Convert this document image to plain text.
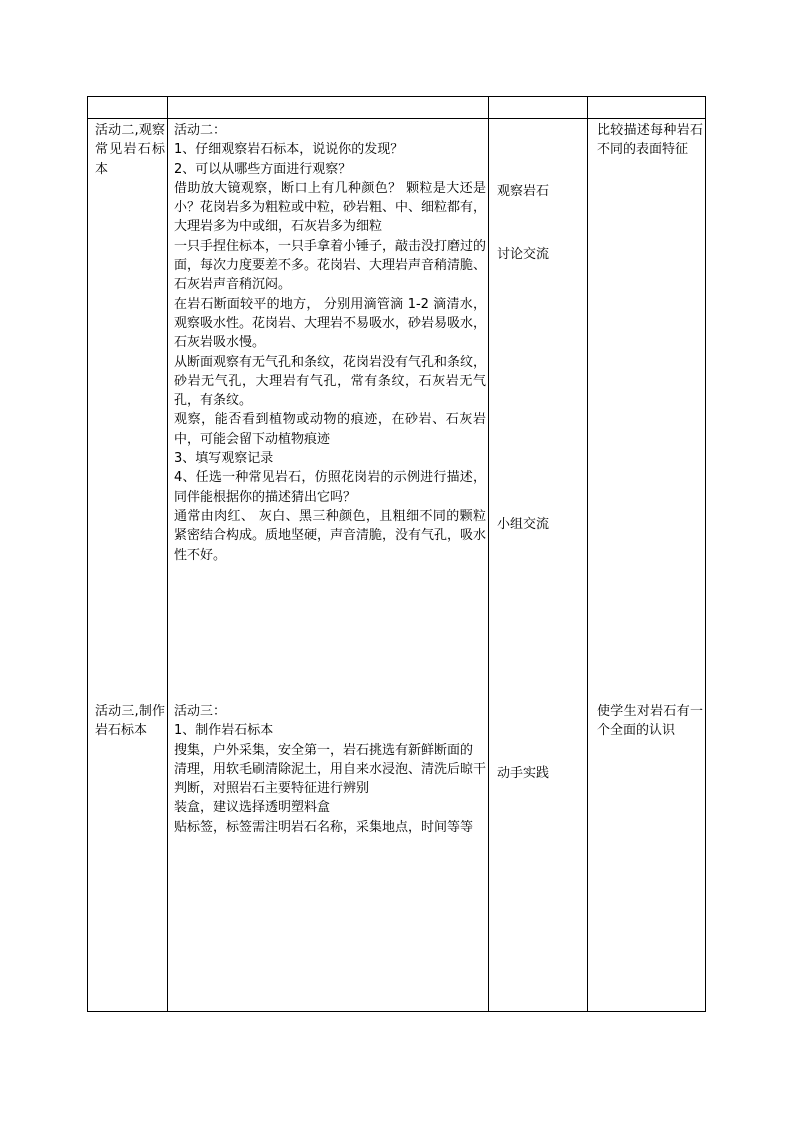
活动二,观察常见岩石标本

活动二：

1、仔细观察岩石标本，说说你的发现？

2、可以从哪些方面进行观察？

借助放大镜观察，断口上有几种颜色？ 颗粒是大还是小？花岗岩多为粗粒或中粒，砂岩粗、中、细粒都有，大理岩多为中或细，石灰岩多为细粒

一只手捏住标本，一只手拿着小锤子，敲击没打磨过的面，每次力度要差不多。花岗岩、大理岩声音稍清脆、石灰岩声音稍沉闷。

在岩石断面较平的地方， 分别用滴管滴 1-2 滴清水，观察吸水性。花岗岩、大理岩不易吸水，砂岩易吸水，石灰岩吸水慢。

从断面观察有无气孔和条纹，花岗岩没有气孔和条纹，砂岩无气孔，大理岩有气孔，常有条纹，石灰岩无气孔，有条纹。

观察，能否看到植物或动物的痕迹，在砂岩、石灰岩中，可能会留下动植物痕迹

3、填写观察记录

4、任选一种常见岩石，仿照花岗岩的示例进行描述，同伴能根据你的描述猜出它吗？

通常由肉红、 灰白、黑三种颜色，且粗细不同的颗粒紧密结合构成。质地坚硬，声音清脆，没有气孔，吸水性不好。

观察岩石
讨论交流
小组交流
比较描述每种岩石不同的表面特征
活动三,制作岩石标本

活动三：

1、制作岩石标本

搜集，户外采集，安全第一，岩石挑选有新鲜断面的

清理，用软毛刷清除泥土，用自来水浸泡、清洗后晾干

判断，对照岩石主要特征进行辨别

装盒，建议选择透明塑料盒

贴标签，标签需注明岩石名称，采集地点，时间等等

动手实践
使学生对岩石有一个全面的认识
